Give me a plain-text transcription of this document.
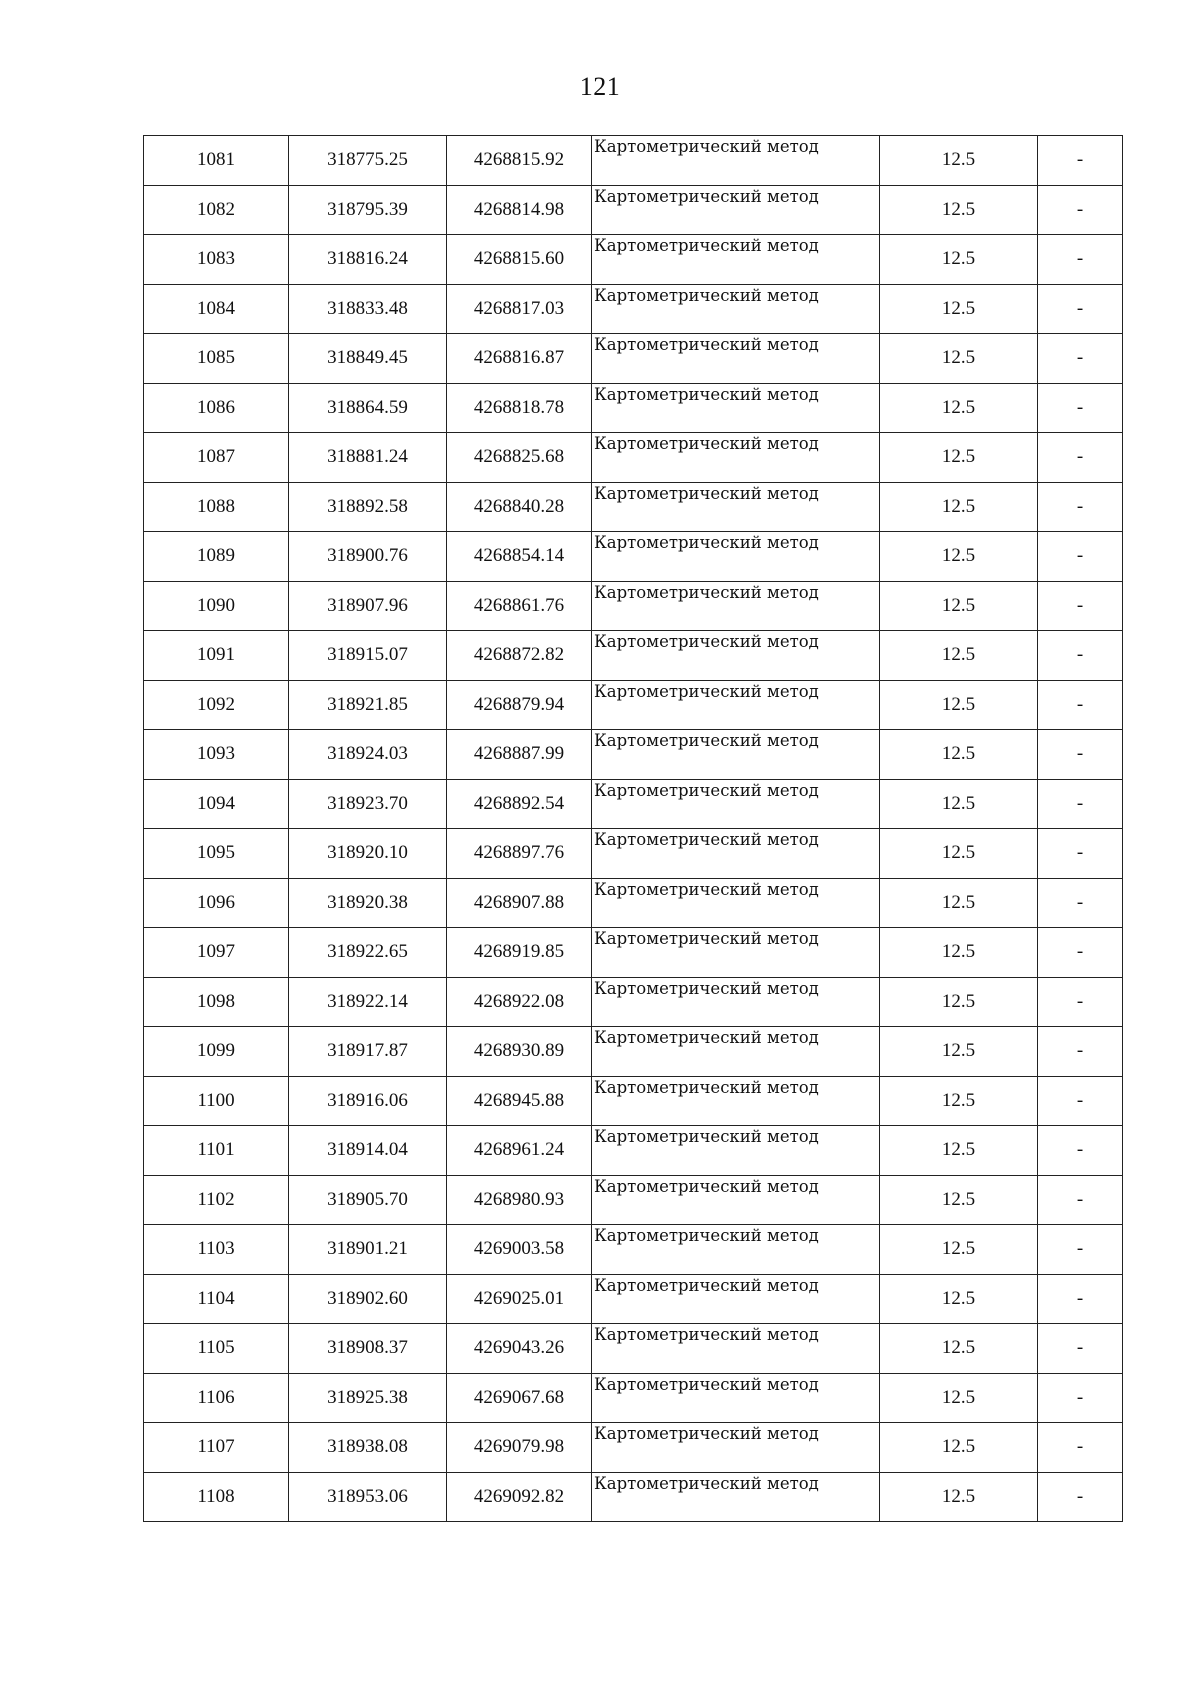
121
1081	318775.25	4268815.92	Картометрический метод	12.5	-
1082	318795.39	4268814.98	Картометрический метод	12.5	-
1083	318816.24	4268815.60	Картометрический метод	12.5	-
1084	318833.48	4268817.03	Картометрический метод	12.5	-
1085	318849.45	4268816.87	Картометрический метод	12.5	-
1086	318864.59	4268818.78	Картометрический метод	12.5	-
1087	318881.24	4268825.68	Картометрический метод	12.5	-
1088	318892.58	4268840.28	Картометрический метод	12.5	-
1089	318900.76	4268854.14	Картометрический метод	12.5	-
1090	318907.96	4268861.76	Картометрический метод	12.5	-
1091	318915.07	4268872.82	Картометрический метод	12.5	-
1092	318921.85	4268879.94	Картометрический метод	12.5	-
1093	318924.03	4268887.99	Картометрический метод	12.5	-
1094	318923.70	4268892.54	Картометрический метод	12.5	-
1095	318920.10	4268897.76	Картометрический метод	12.5	-
1096	318920.38	4268907.88	Картометрический метод	12.5	-
1097	318922.65	4268919.85	Картометрический метод	12.5	-
1098	318922.14	4268922.08	Картометрический метод	12.5	-
1099	318917.87	4268930.89	Картометрический метод	12.5	-
1100	318916.06	4268945.88	Картометрический метод	12.5	-
1101	318914.04	4268961.24	Картометрический метод	12.5	-
1102	318905.70	4268980.93	Картометрический метод	12.5	-
1103	318901.21	4269003.58	Картометрический метод	12.5	-
1104	318902.60	4269025.01	Картометрический метод	12.5	-
1105	318908.37	4269043.26	Картометрический метод	12.5	-
1106	318925.38	4269067.68	Картометрический метод	12.5	-
1107	318938.08	4269079.98	Картометрический метод	12.5	-
1108	318953.06	4269092.82	Картометрический метод	12.5	-
